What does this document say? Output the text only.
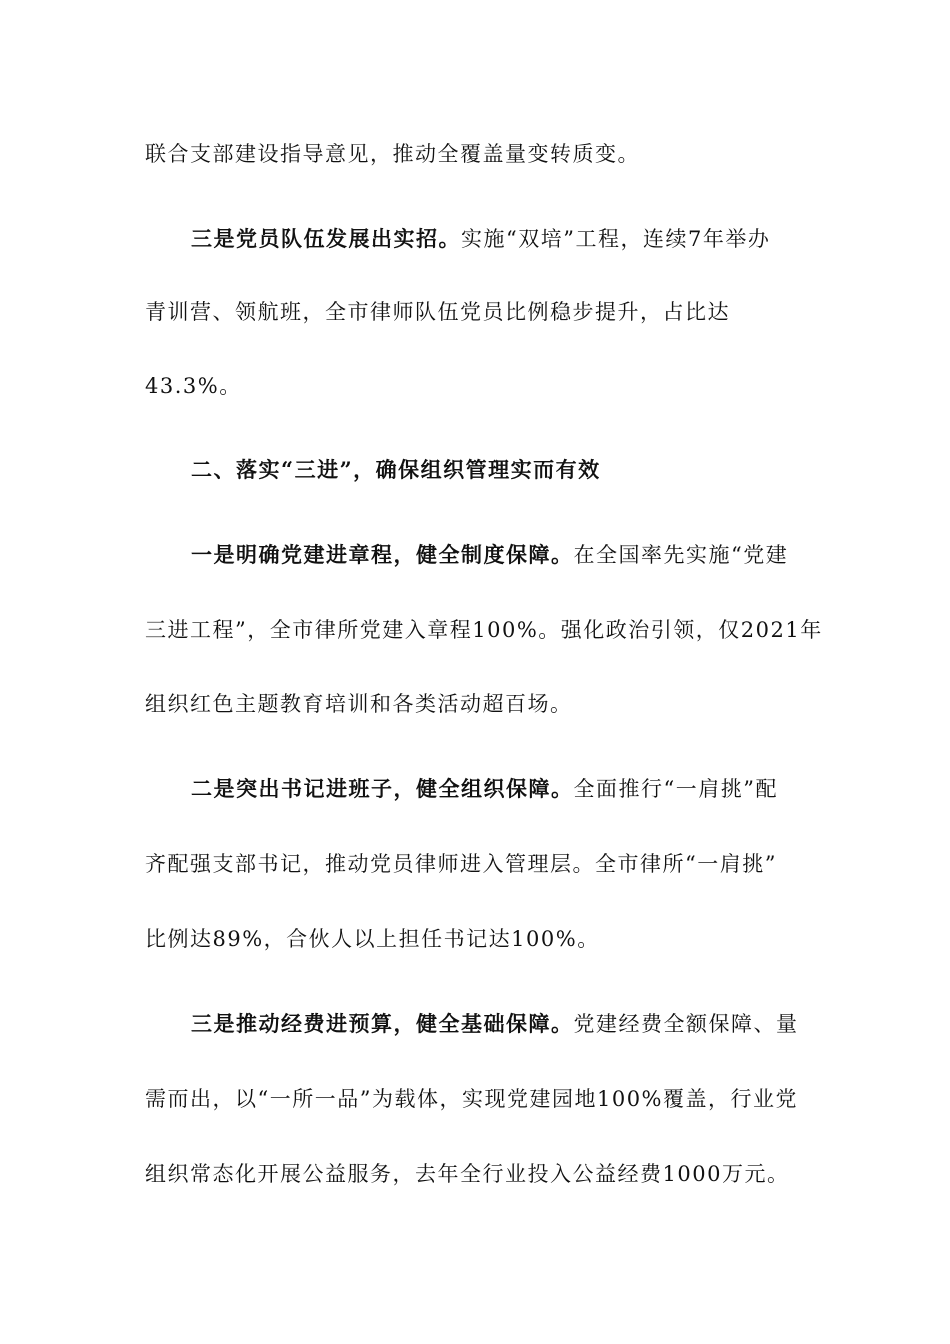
联合支部建设指导意见，推动全覆盖量变转质变。
三是党员队伍发展出实招。实施“双培”工程，连续7年举办
青训营、领航班，全市律师队伍党员比例稳步提升，占比达
43.3%。
二、落实“三进”，确保组织管理实而有效
一是明确党建进章程，健全制度保障。在全国率先实施“党建
三进工程”，全市律所党建入章程100%。强化政治引领，仅2021年
组织红色主题教育培训和各类活动超百场。
二是突出书记进班子，健全组织保障。全面推行“一肩挑”配
齐配强支部书记，推动党员律师进入管理层。全市律所“一肩挑”
比例达89%，合伙人以上担任书记达100%。
三是推动经费进预算，健全基础保障。党建经费全额保障、量
需而出，以“一所一品”为载体，实现党建园地100%覆盖，行业党
组织常态化开展公益服务，去年全行业投入公益经费1000万元。
